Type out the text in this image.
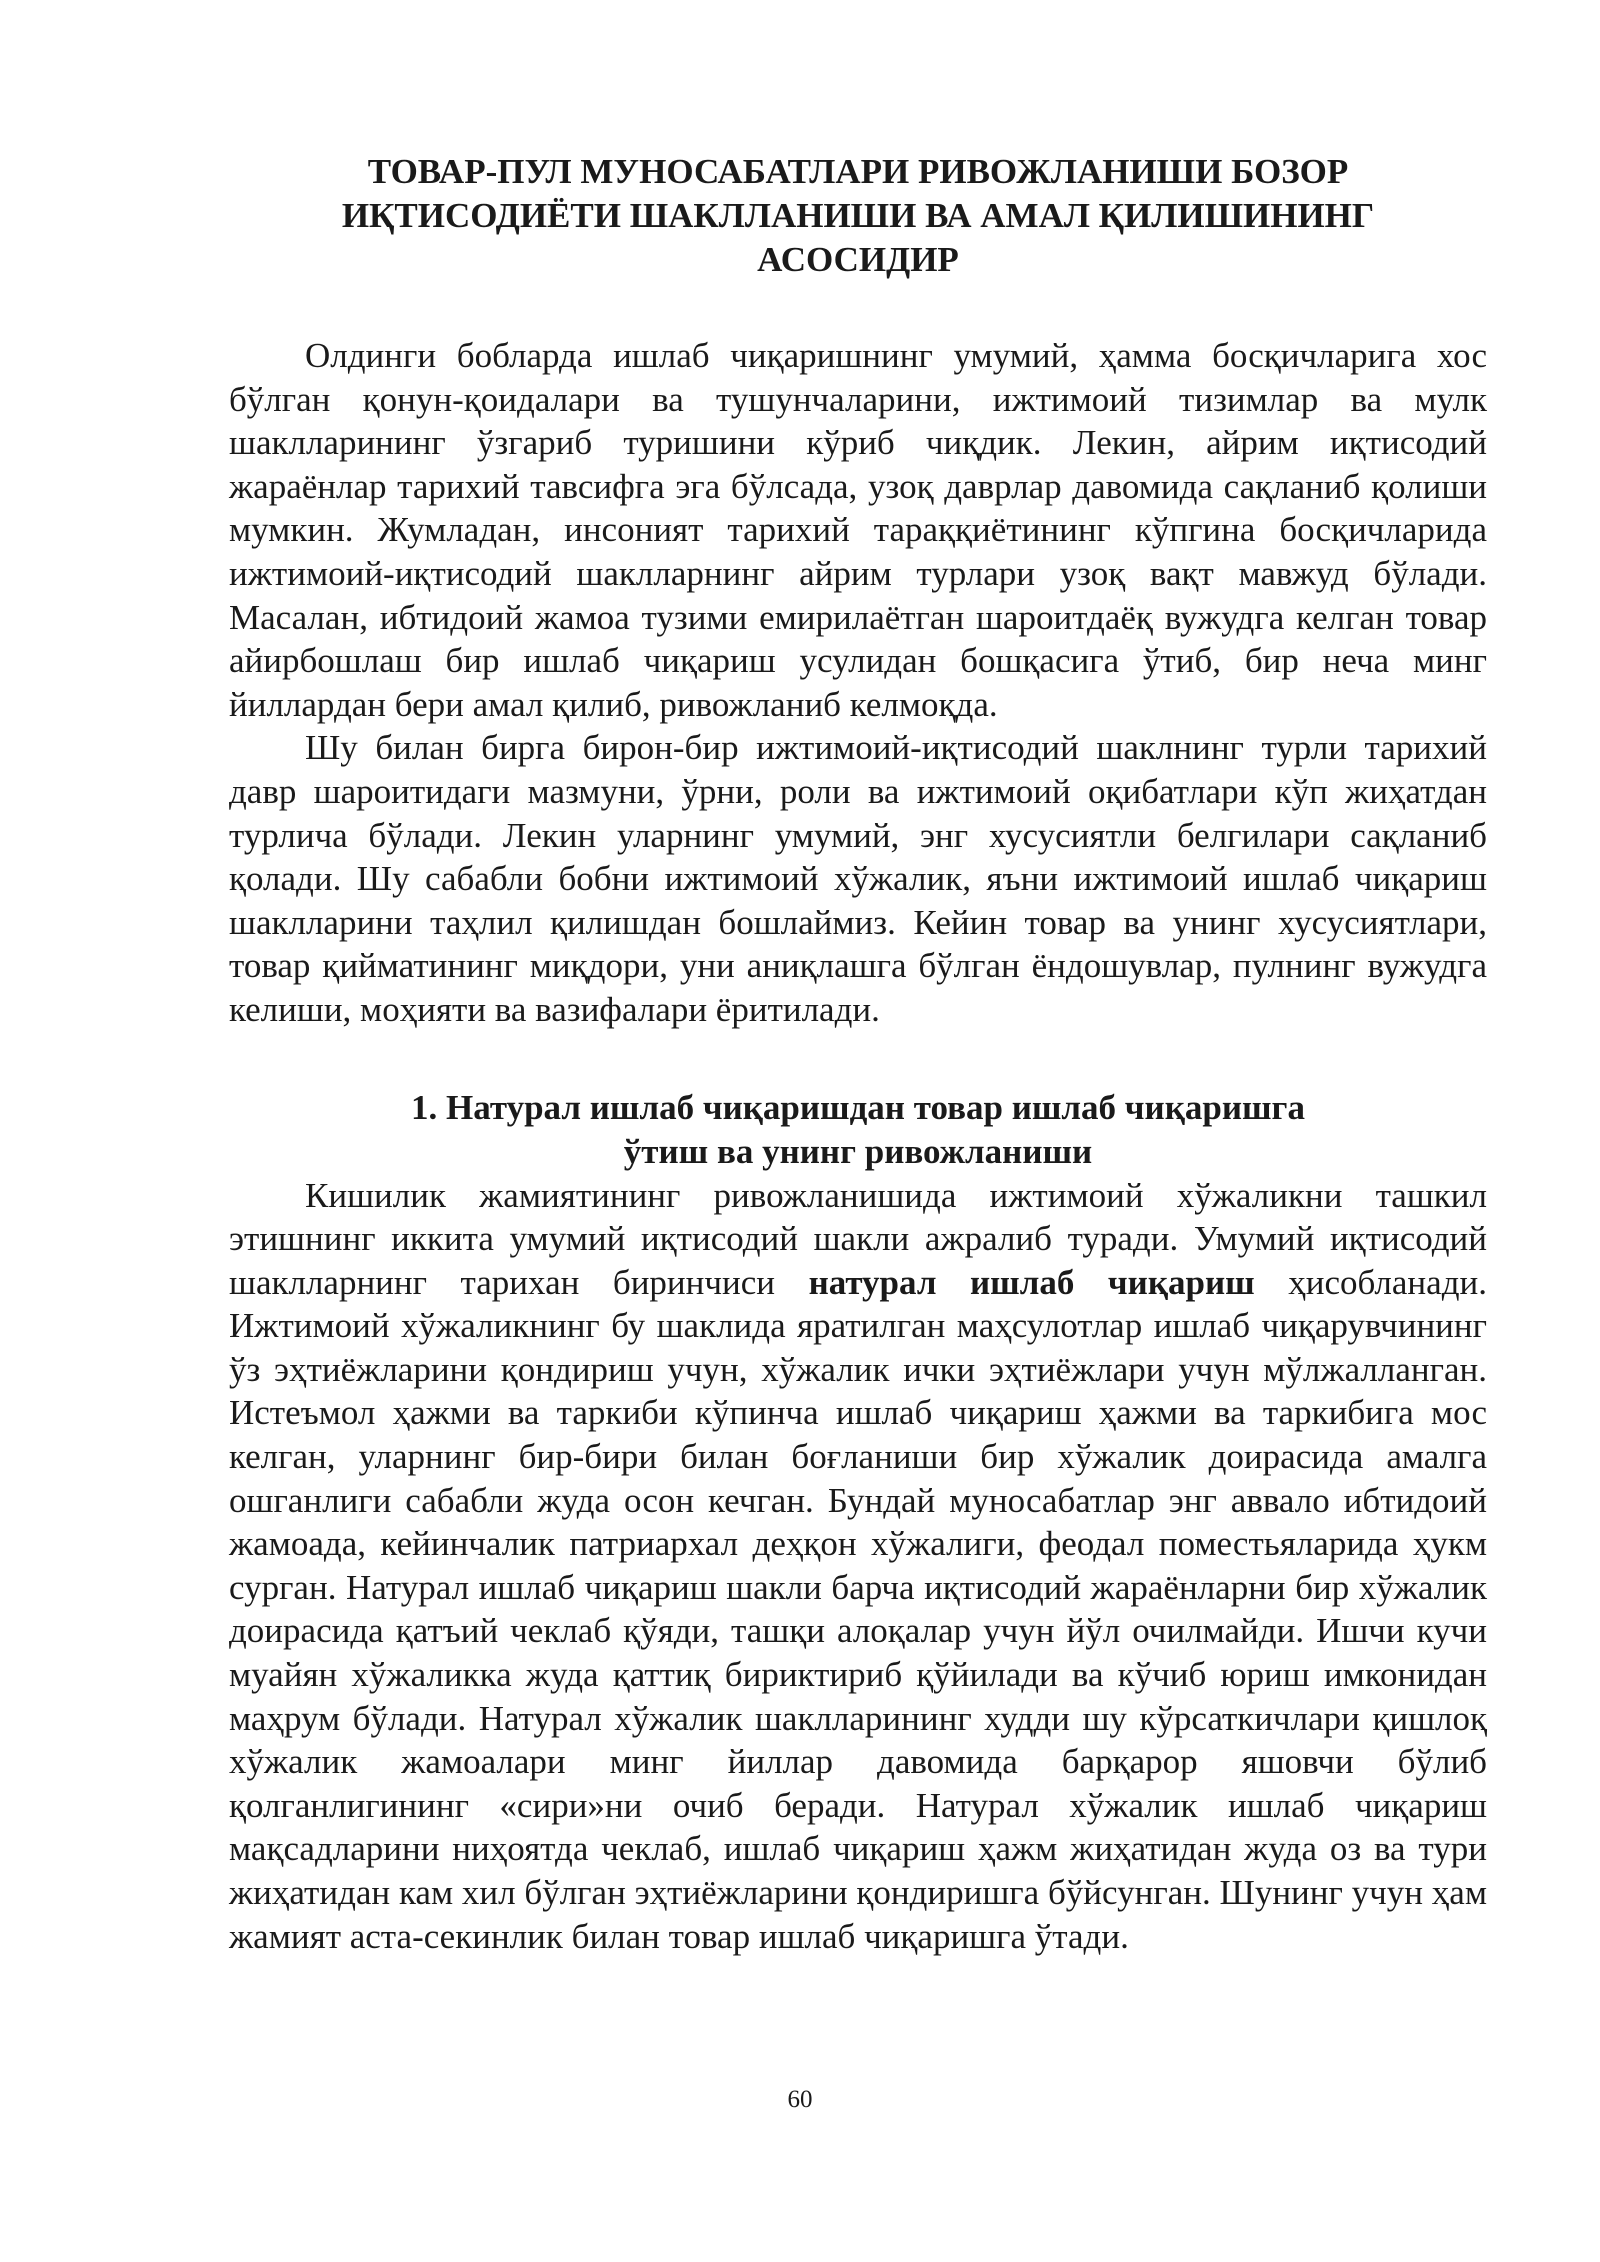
ТОВАР-ПУЛ МУНОСАБАТЛАРИ РИВОЖЛАНИШИ БОЗОР
ИҚТИСОДИЁТИ ШАКЛЛАНИШИ ВА АМАЛ ҚИЛИШИНИНГ
АСОСИДИР

Олдинги бобларда ишлаб чиқаришнинг умумий, ҳамма босқичларига хос бўлган қонун-қоидалари ва тушунчаларини, ижтимоий тизимлар ва мулк шаклларининг ўзгариб туришини кўриб чиқдик. Лекин, айрим иқтисодий жараёнлар тарихий тавсифга эга бўлсада, узоқ даврлар давомида сақланиб қолиши мумкин. Жумладан, инсоният тарихий тараққиётининг кўпгина босқичларида ижтимоий-иқтисодий шаклларнинг айрим турлари узоқ вақт мавжуд бўлади. Масалан, ибтидоий жамоа тузими емирилаётган шароитдаёқ вужудга келган товар айирбошлаш бир ишлаб чиқариш усулидан бошқасига ўтиб, бир неча минг йиллардан бери амал қилиб, ривожланиб келмоқда.

Шу билан бирга бирон-бир ижтимоий-иқтисодий шаклнинг турли тарихий давр шароитидаги мазмуни, ўрни, роли ва ижтимоий оқибатлари кўп жиҳатдан турлича бўлади. Лекин уларнинг умумий, энг хусусиятли белгилари сақланиб қолади. Шу сабабли бобни ижтимоий хўжалик, яъни ижтимоий ишлаб чиқариш шаклларини таҳлил қилишдан бошлаймиз. Кейин товар ва унинг хусусиятлари, товар қийматининг миқдори, уни аниқлашга бўлган ёндошувлар, пулнинг вужудга келиши, моҳияти ва вазифалари ёритилади.

1. Натурал ишлаб чиқаришдан товар ишлаб чиқаришга
ўтиш ва унинг ривожланиши

Кишилик жамиятининг ривожланишида ижтимоий хўжаликни ташкил этишнинг иккита умумий иқтисодий шакли ажралиб туради. Умумий иқтисодий шаклларнинг тарихан биринчиси натурал ишлаб чиқариш ҳисобланади. Ижтимоий хўжаликнинг бу шаклида яратилган маҳсулотлар ишлаб чиқарувчининг ўз эҳтиёжларини қондириш учун, хўжалик ички эҳтиёжлари учун мўлжалланган. Истеъмол ҳажми ва таркиби кўпинча ишлаб чиқариш ҳажми ва таркибига мос келган, уларнинг бир-бири билан боғланиши бир хўжалик доирасида амалга ошганлиги сабабли жуда осон кечган. Бундай муносабатлар энг аввало ибтидоий жамоада, кейинчалик патриархал деҳқон хўжалиги, феодал поместьяларида ҳукм сурган. Натурал ишлаб чиқариш шакли барча иқтисодий жараёнларни бир хўжалик доирасида қатъий чеклаб қўяди, ташқи алоқалар учун йўл очилмайди. Ишчи кучи муайян хўжаликка жуда қаттиқ бириктириб қўйилади ва кўчиб юриш имконидан маҳрум бўлади. Натурал хўжалик шаклларининг худди шу кўрсаткичлари қишлоқ хўжалик жамоалари минг йиллар давомида барқарор яшовчи бўлиб қолганлигининг «сири»ни очиб беради. Натурал хўжалик ишлаб чиқариш мақсадларини ниҳоятда чеклаб, ишлаб чиқариш ҳажм жиҳатидан жуда оз ва тури жиҳатидан кам хил бўлган эҳтиёжларини қондиришга бўйсунган. Шунинг учун ҳам жамият аста-секинлик билан товар ишлаб чиқаришга ўтади.

60
